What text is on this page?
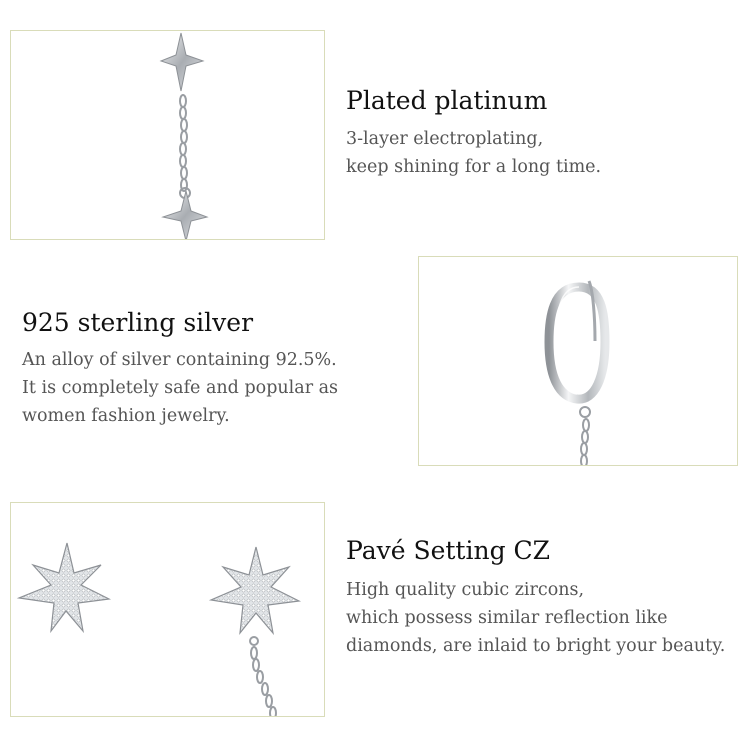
Plated platinum
3-layer electroplating,
keep shining for a long time.
925 sterling silver
An alloy of silver containing 92.5%.
It is completely safe and popular as
women fashion jewelry.
Pavé Setting CZ
High quality cubic zircons,
which possess similar reflection like
diamonds, are inlaid to bright your beauty.
